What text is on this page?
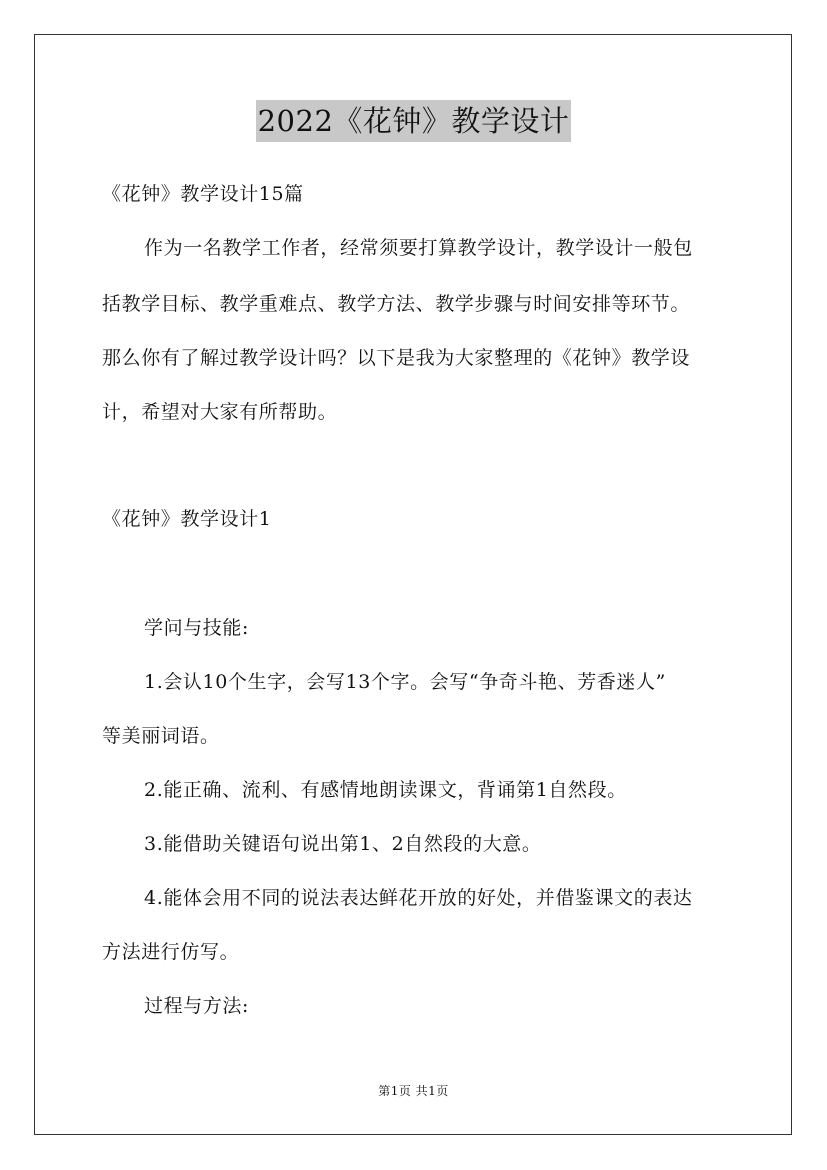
2022《花钟》教学设计
《花钟》教学设计15篇
作为一名教学工作者，经常须要打算教学设计，教学设计一般包
括教学目标、教学重难点、教学方法、教学步骤与时间安排等环节。
那么你有了解过教学设计吗？以下是我为大家整理的《花钟》教学设
计，希望对大家有所帮助。
《花钟》教学设计1
学问与技能:
1.会认10个生字，会写13个字。会写“争奇斗艳、芳香迷人”
等美丽词语。
2.能正确、流利、有感情地朗读课文，背诵第1自然段。
3.能借助关键语句说出第1、2自然段的大意。
4.能体会用不同的说法表达鲜花开放的好处，并借鉴课文的表达
方法进行仿写。
过程与方法:
第1页 共1页
